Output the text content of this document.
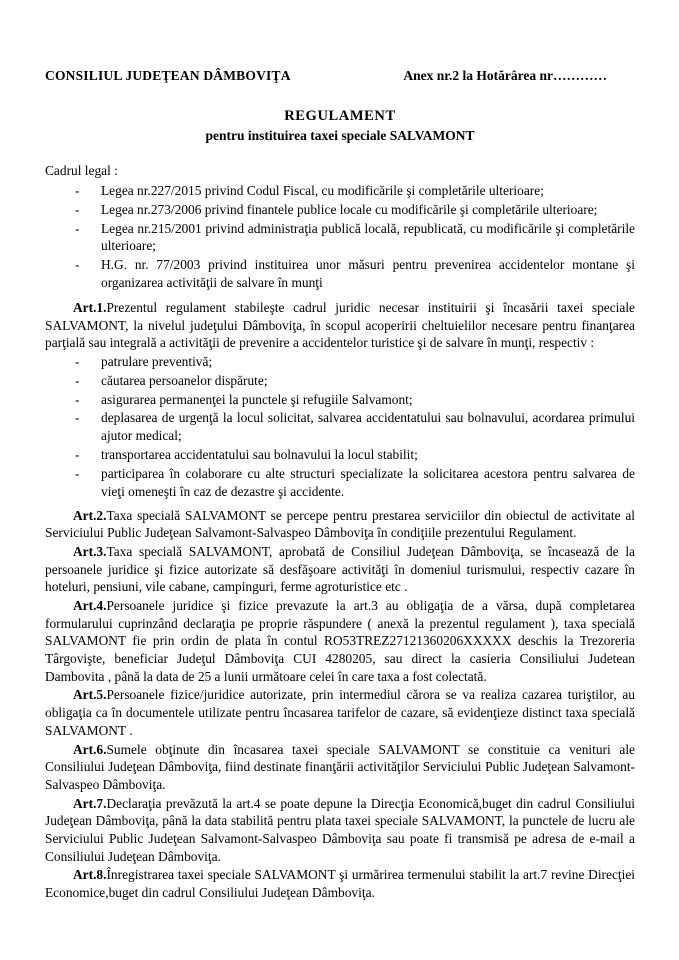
CONSILIUL JUDEŢEAN DÂMBOVIŢA	Anex nr.2 la Hotărârea nr…………
REGULAMENT
pentru instituirea taxei speciale SALVAMONT
Cadrul legal :
- Legea nr.227/2015 privind Codul Fiscal, cu modificările şi completările ulterioare;
- Legea nr.273/2006 privind finantele publice locale cu modificările şi completările ulterioare;
- Legea nr.215/2001 privind administraţia publică locală, republicată, cu modificările şi completările ulterioare;
- H.G. nr. 77/2003 privind instituirea unor măsuri pentru prevenirea accidentelor montane şi organizarea activităţii de salvare în munţi

Art.1.Prezentul regulament stabileşte cadrul juridic necesar instituirii şi încasării taxei speciale SALVAMONT, la nivelul judeţului Dâmboviţa, în scopul acoperirii cheltuielilor necesare pentru finanţarea parţială sau integrală a activităţii de prevenire a accidentelor turistice şi de salvare în munţi, respectiv :

- patrulare preventivă;
- căutarea persoanelor dispărute;
- asigurarea permanenţei la punctele şi refugiile Salvamont;
- deplasarea de urgenţă la locul solicitat, salvarea accidentatului sau bolnavului, acordarea primului ajutor medical;
- transportarea accidentatului sau bolnavului la locul stabilit;
- participarea în colaborare cu alte structuri specializate la solicitarea acestora pentru salvarea de vieţi omeneşti în caz de dezastre şi accidente.

Art.2.Taxa specială SALVAMONT se percepe pentru prestarea serviciilor din obiectul de activitate al Serviciului Public Judeţean Salvamont-Salvaspeo Dâmboviţa în condiţiile prezentului Regulament.

Art.3.Taxa specială SALVAMONT, aprobată de Consiliul Judeţean Dâmboviţa, se încasează de la persoanele juridice şi fizice autorizate să desfăşoare activităţi în domeniul turismului, respectiv cazare în hoteluri, pensiuni, vile cabane, campinguri, ferme agroturistice etc .

Art.4.Persoanele juridice şi fizice prevazute la art.3 au obligaţia de a vărsa, după completarea formularului cuprinzând declaraţia pe proprie răspundere ( anexă la prezentul regulament ), taxa specială SALVAMONT fie prin ordin de plata în contul RO53TREZ27121360206XXXXX deschis la Trezoreria Târgovişte, beneficiar Judeţul Dâmboviţa CUI 4280205, sau direct la casieria Consiliului Judetean Dambovita , până la data de 25 a lunii următoare celei în care taxa a fost colectată.

Art.5.Persoanele fizice/juridice autorizate, prin intermediul cărora se va realiza cazarea turiştilor, au obligaţia ca în documentele utilizate pentru încasarea tarifelor de cazare, să evidenţieze distinct taxa specială SALVAMONT .

Art.6.Sumele obţinute din încasarea taxei speciale SALVAMONT se constituie ca venituri ale Consiliului Judeţean Dâmboviţa, fiind destinate finanţării activităţilor Serviciului Public Judeţean Salvamont-Salvaspeo Dâmboviţa.

Art.7.Declaraţia prevăzută la art.4 se poate depune la Direcţia Economică,buget din cadrul Consiliului Judeţean Dâmboviţa, până la data stabilită pentru plata taxei speciale SALVAMONT, la punctele de lucru ale Serviciului Public Judeţean Salvamont-Salvaspeo Dâmboviţa sau poate fi transmisă pe adresa de e-mail a Consiliului Judeţean Dâmboviţa.

Art.8.Înregistrarea taxei speciale SALVAMONT şi urmărirea termenului stabilit la art.7 revine Direcţiei Economice,buget din cadrul Consiliului Judeţean Dâmboviţa.
